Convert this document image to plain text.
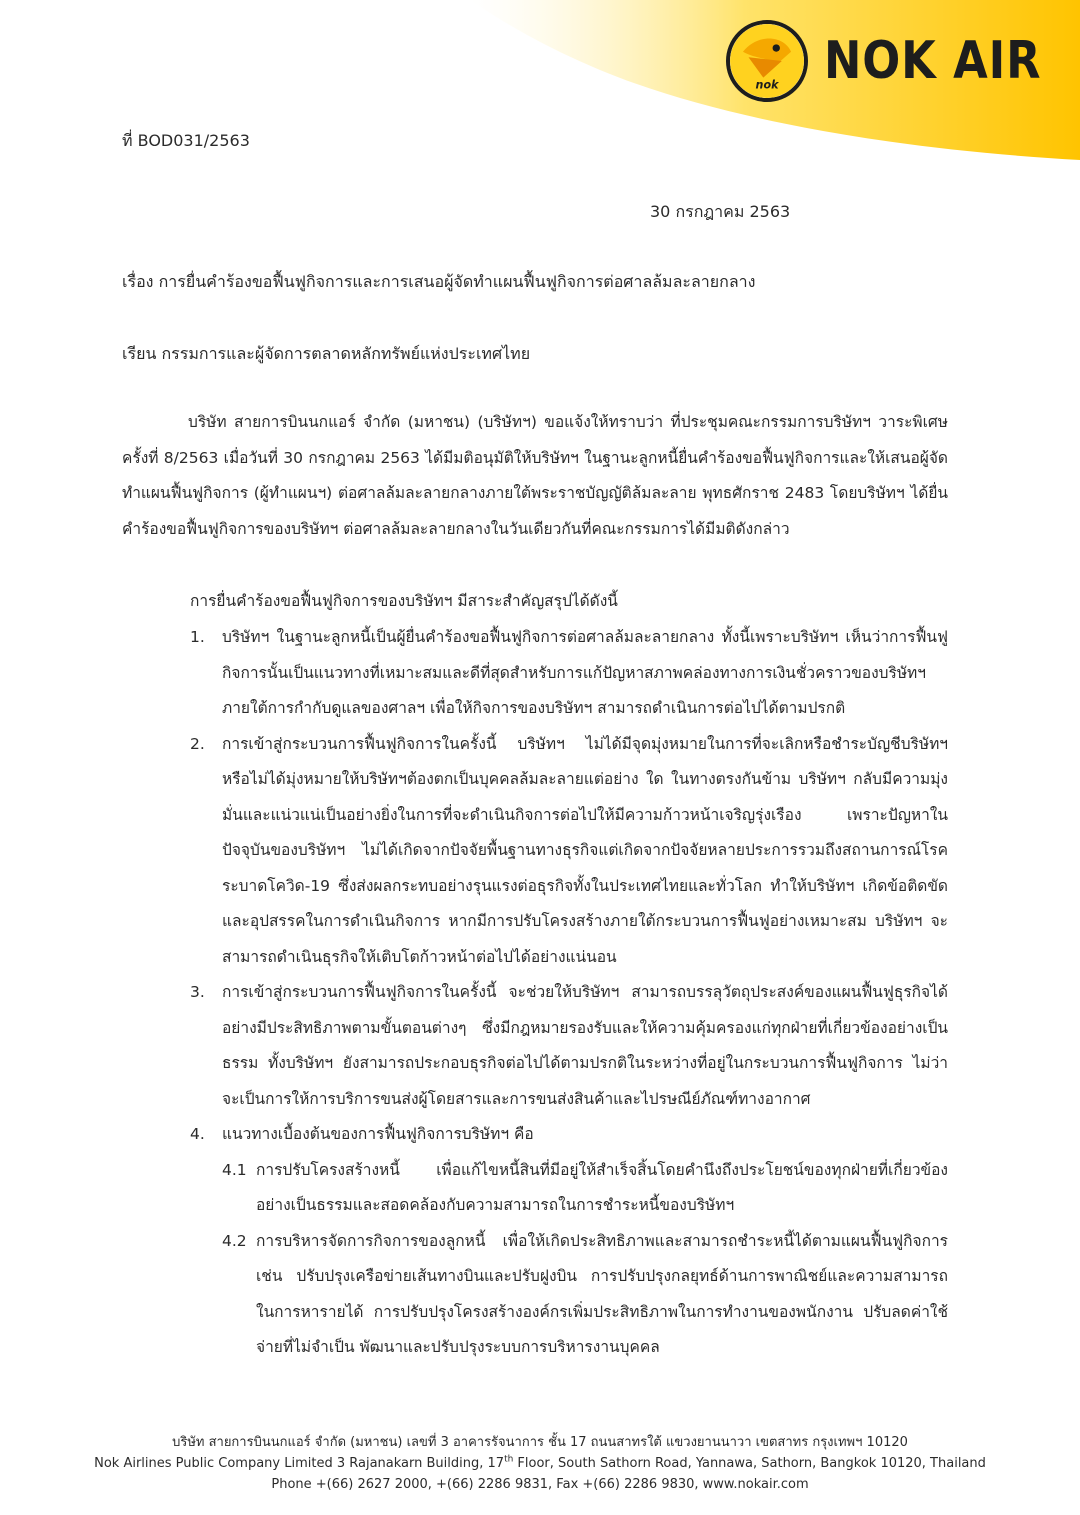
nok NOK AIR
ที่ BOD031/2563
30 กรกฎาคม 2563
เรื่อง การยื่นคำร้องขอฟื้นฟูกิจการและการเสนอผู้จัดทำแผนฟื้นฟูกิจการต่อศาลล้มละลายกลาง
เรียน กรรมการและผู้จัดการตลาดหลักทรัพย์แห่งประเทศไทย
บริษัท สายการบินนกแอร์ จำกัด (มหาชน) (บริษัทฯ) ขอแจ้งให้ทราบว่า ที่ประชุมคณะกรรมการบริษัทฯ วาระพิเศษครั้งที่ 8/2563 เมื่อวันที่ 30 กรกฎาคม 2563 ได้มีมติอนุมัติให้บริษัทฯ ในฐานะลูกหนี้ยื่นคำร้องขอฟื้นฟูกิจการและให้เสนอผู้จัดทำแผนฟื้นฟูกิจการ (ผู้ทำแผนฯ) ต่อศาลล้มละลายกลางภายใต้พระราชบัญญัติล้มละลาย พุทธศักราช 2483 โดยบริษัทฯ ได้ยื่นคำร้องขอฟื้นฟูกิจการของบริษัทฯ ต่อศาลล้มละลายกลางในวันเดียวกันที่คณะกรรมการได้มีมติดังกล่าว
การยื่นคำร้องขอฟื้นฟูกิจการของบริษัทฯ มีสาระสำคัญสรุปได้ดังนี้
1.	บริษัทฯ ในฐานะลูกหนี้เป็นผู้ยื่นคำร้องขอฟื้นฟูกิจการต่อศาลล้มละลายกลาง ทั้งนี้เพราะบริษัทฯ เห็นว่าการฟื้นฟูกิจการนั้นเป็นแนวทางที่เหมาะสมและดีที่สุดสำหรับการแก้ปัญหาสภาพคล่องทางการเงินชั่วคราวของบริษัทฯ ภายใต้การกำกับดูแลของศาลฯ เพื่อให้กิจการของบริษัทฯ สามารถดำเนินการต่อไปได้ตามปรกติ
2.	การเข้าสู่กระบวนการฟื้นฟูกิจการในครั้งนี้ บริษัทฯ ไม่ได้มีจุดมุ่งหมายในการที่จะเลิกหรือชำระบัญชีบริษัทฯ หรือไม่ได้มุ่งหมายให้บริษัทฯต้องตกเป็นบุคคลล้มละลายแต่อย่าง ใด ในทางตรงกันข้าม บริษัทฯ กลับมีความมุ่งมั่นและแน่วแน่เป็นอย่างยิ่งในการที่จะดำเนินกิจการต่อไปให้มีความก้าวหน้าเจริญรุ่งเรือง เพราะปัญหาในปัจจุบันของบริษัทฯ ไม่ได้เกิดจากปัจจัยพื้นฐานทางธุรกิจแต่เกิดจากปัจจัยหลายประการรวมถึงสถานการณ์โรคระบาดโควิด-19 ซึ่งส่งผลกระทบอย่างรุนแรงต่อธุรกิจทั้งในประเทศไทยและทั่วโลก ทำให้บริษัทฯ เกิดข้อติดขัดและอุปสรรคในการดำเนินกิจการ หากมีการปรับโครงสร้างภายใต้กระบวนการฟื้นฟูอย่างเหมาะสม บริษัทฯ จะสามารถดำเนินธุรกิจให้เติบโตก้าวหน้าต่อไปได้อย่างแน่นอน
3.	การเข้าสู่กระบวนการฟื้นฟูกิจการในครั้งนี้ จะช่วยให้บริษัทฯ สามารถบรรลุวัตถุประสงค์ของแผนฟื้นฟูธุรกิจได้อย่างมีประสิทธิภาพตามขั้นตอนต่างๆ ซึ่งมีกฎหมายรองรับและให้ความคุ้มครองแก่ทุกฝ่ายที่เกี่ยวข้องอย่างเป็นธรรม ทั้งบริษัทฯ ยังสามารถประกอบธุรกิจต่อไปได้ตามปรกติในระหว่างที่อยู่ในกระบวนการฟื้นฟูกิจการ ไม่ว่าจะเป็นการให้การบริการขนส่งผู้โดยสารและการขนส่งสินค้าและไปรษณีย์ภัณฑ์ทางอากาศ
4.	แนวทางเบื้องต้นของการฟื้นฟูกิจการบริษัทฯ คือ
4.1 การปรับโครงสร้างหนี้ เพื่อแก้ไขหนี้สินที่มีอยู่ให้สำเร็จสิ้นโดยคำนึงถึงประโยชน์ของทุกฝ่ายที่เกี่ยวข้องอย่างเป็นธรรมและสอดคล้องกับความสามารถในการชำระหนี้ของบริษัทฯ
4.2 การบริหารจัดการกิจการของลูกหนี้ เพื่อให้เกิดประสิทธิภาพและสามารถชำระหนี้ได้ตามแผนฟื้นฟูกิจการ เช่น ปรับปรุงเครือข่ายเส้นทางบินและปรับฝูงบิน การปรับปรุงกลยุทธ์ด้านการพาณิชย์และความสามารถในการหารายได้ การปรับปรุงโครงสร้างองค์กรเพิ่มประสิทธิภาพในการทำงานของพนักงาน ปรับลดค่าใช้จ่ายที่ไม่จำเป็น พัฒนาและปรับปรุงระบบการบริหารงานบุคคล
บริษัท สายการบินนกแอร์ จำกัด (มหาชน) เลขที่ 3 อาคารรัจนาการ ชั้น 17 ถนนสาทรใต้ แขวงยานนาวา เขตสาทร กรุงเทพฯ 10120
Nok Airlines Public Company Limited 3 Rajanakarn Building, 17th Floor, South Sathorn Road, Yannawa, Sathorn, Bangkok 10120, Thailand
Phone +(66) 2627 2000, +(66) 2286 9831, Fax +(66) 2286 9830, www.nokair.com
